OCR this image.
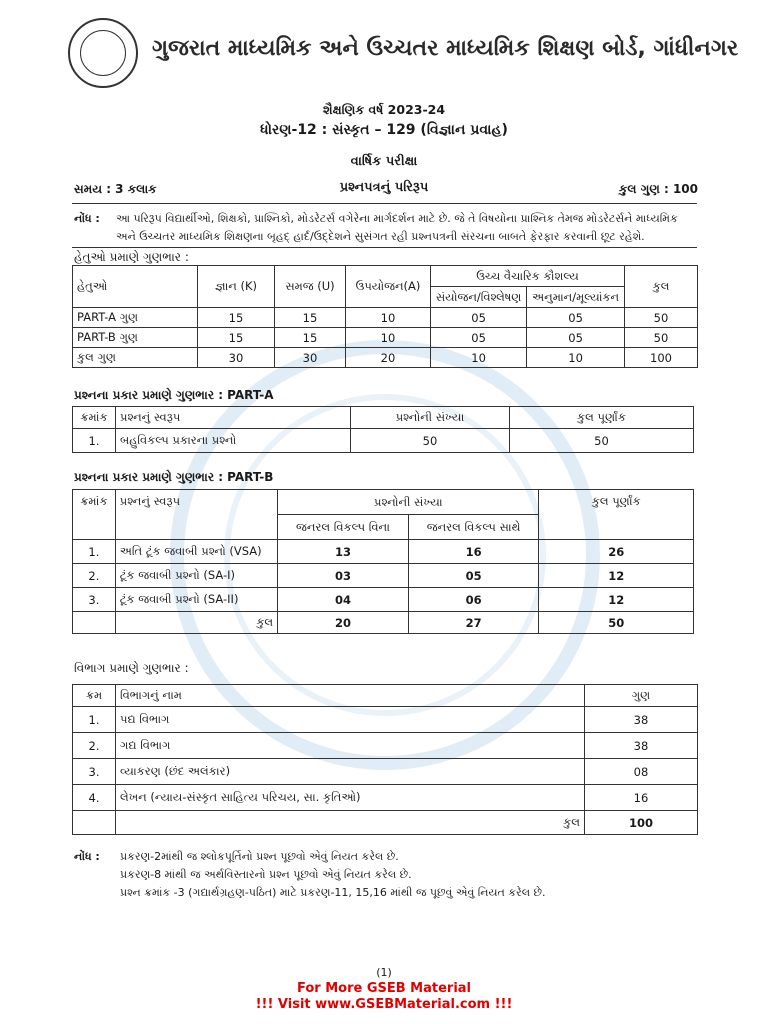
ગુજરાત માધ્યમિક અને ઉચ્ચતર માધ્યમિક શિક્ષણ બોર્ડ, ગાંધીનગર
શૈક્ષણિક વર્ષ 2023-24
ધોરણ-12 : સંસ્કૃત – 129 (વિજ્ઞાન પ્રવાહ)
વાર્ષિક પરીક્ષા
સમય : 3 કલાક	પ્રશ્નપત્રનું પરિરૂપ	કુલ ગુણ : 100
નોંધ : આ પરિરૂપ વિદ્યાર્થીઓ, શિક્ષકો, પ્રાશ્નિકો, મોડરેટર્સ વગેરેના માર્ગદર્શન માટે છે. જે તે વિષયોના પ્રાશ્નિક તેમજ મોડરેટર્સને માધ્યમિક
અને ઉચ્ચતર માધ્યમિક શિક્ષણના બૃહદ્ હાર્દ/ઉદ્દેશને સુસંગત રહી પ્રશ્નપત્રની સંરચના બાબતે ફેરફાર કરવાની છૂટ રહેશે.
હેતુઓ પ્રમાણે ગુણભાર :
હેતુઓ	જ્ઞાન (K)	સમજ (U)	ઉપયોજન(A)	ઉચ્ચ વૈચારિક કૌશલ્ય		કુલ
				સંયોજન/વિશ્લેષણ	અનુમાન/મૂલ્યાંકન	
PART-A ગુણ	15	15	10	05	05	50
PART-B ગુણ	15	15	10	05	05	50
કુલ ગુણ	30	30	20	10	10	100
પ્રશ્નના પ્રકાર પ્રમાણે ગુણભાર : PART-A
ક્રમાંક	પ્રશ્નનું સ્વરૂપ	પ્રશ્નોની સંખ્યા	કુલ પૂર્ણાંક
1.	બહુવિકલ્પ પ્રકારના પ્રશ્નો	50	50
પ્રશ્નના પ્રકાર પ્રમાણે ગુણભાર : PART-B
ક્રમાંક	પ્રશ્નનું સ્વરૂપ	પ્રશ્નોની સંખ્યા		કુલ પૂર્ણાંક
		જનરલ વિકલ્પ વિના	જનરલ વિકલ્પ સાથે	
1.	અતિ ટૂંક જવાબી પ્રશ્નો (VSA)	13	16	26
2.	ટૂંક જવાબી પ્રશ્નો (SA-I)	03	05	12
3.	ટૂંક જવાબી પ્રશ્નો (SA-II)	04	06	12
	કુલ	20	27	50
વિભાગ પ્રમાણે ગુણભાર :
ક્રમ	વિભાગનું નામ	ગુણ
1.	પદ્ય વિભાગ	38
2.	ગદ્ય વિભાગ	38
3.	વ્યાકરણ (છંદ અલંકાર)	08
4.	લેખન (ન્યાય-સંસ્કૃત સાહિત્ય પરિચય, સા. કૃતિઓ)	16
	કુલ	100
નોંધ : પ્રકરણ-2માંથી જ શ્લોકપૂર્તિનો પ્રશ્ન પૂછવો એવું નિયત કરેલ છે.
પ્રકરણ-8 માંથી જ અર્થવિસ્તારનો પ્રશ્ન પૂછવો એવું નિયત કરેલ છે.
પ્રશ્ન ક્રમાંક -3 (ગદ્યાર્થગ્રહણ-પઠિત) માટે પ્રકરણ-11, 15,16 માંથી જ પૂછવું એવું નિયત કરેલ છે.
(1)
For More GSEB Material
!!! Visit www.GSEBMaterial.com !!!
